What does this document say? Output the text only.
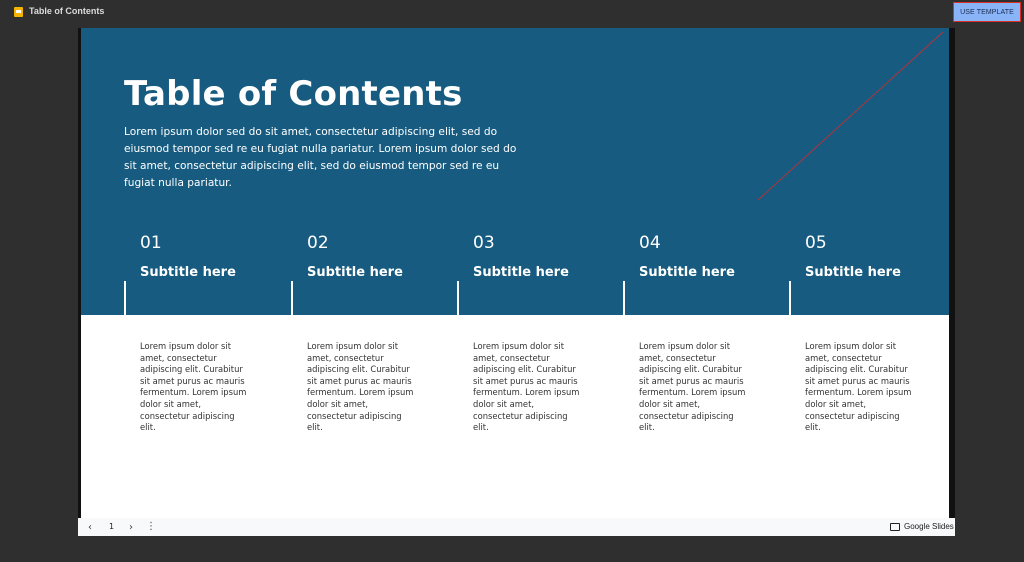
Table of Contents	USE TEMPLATE
Table of Contents
Lorem ipsum dolor sed do sit amet, consectetur adipiscing elit, sed do eiusmod tempor sed re eu fugiat nulla pariatur. Lorem ipsum dolor sed do sit amet, consectetur adipiscing elit, sed do eiusmod tempor sed re eu fugiat nulla pariatur.
01
Subtitle here
Lorem ipsum dolor sit amet, consectetur adipiscing elit. Curabitur sit amet purus ac mauris fermentum. Lorem ipsum dolor sit amet, consectetur adipiscing elit.
02
Subtitle here
Lorem ipsum dolor sit amet, consectetur adipiscing elit. Curabitur sit amet purus ac mauris fermentum. Lorem ipsum dolor sit amet, consectetur adipiscing elit.
03
Subtitle here
Lorem ipsum dolor sit amet, consectetur adipiscing elit. Curabitur sit amet purus ac mauris fermentum. Lorem ipsum dolor sit amet, consectetur adipiscing elit.
04
Subtitle here
Lorem ipsum dolor sit amet, consectetur adipiscing elit. Curabitur sit amet purus ac mauris fermentum. Lorem ipsum dolor sit amet, consectetur adipiscing elit.
05
Subtitle here
Lorem ipsum dolor sit amet, consectetur adipiscing elit. Curabitur sit amet purus ac mauris fermentum. Lorem ipsum dolor sit amet, consectetur adipiscing elit.
‹ 1 › ⋮	Google Slides
